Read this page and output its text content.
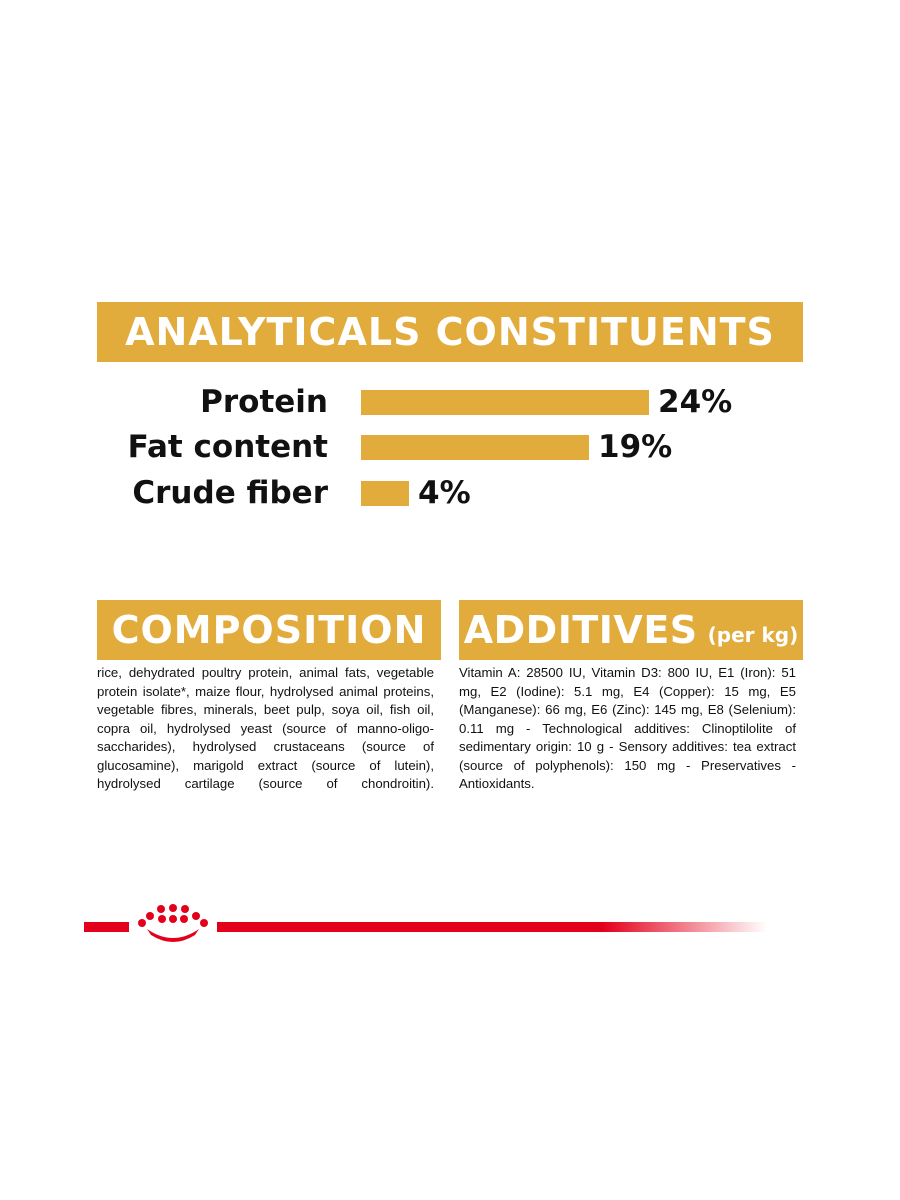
ANALYTICALS CONSTITUENTS
Protein	24%
Fat content	19%
Crude fiber	4%
COMPOSITION ADDITIVES (per kg)
rice, dehydrated poultry protein, animal fats, vegetable protein isolate*, maize flour, hydrolysed animal proteins, vegetable fibres, minerals, beet pulp, soya oil, fish oil, copra oil, hydrolysed yeast (source of manno-oligo-saccharides), hydrolysed crustaceans (source of glucosamine), marigold extract (source of lutein), hydrolysed cartilage (source of chondroitin).
Vitamin A: 28500 IU, Vitamin D3: 800 IU, E1 (Iron): 51 mg, E2 (Iodine): 5.1 mg, E4 (Copper): 15 mg, E5 (Manganese): 66 mg, E6 (Zinc): 145 mg, E8 (Selenium): 0.11 mg - Technological additives: Clinoptilolite of sedimentary origin: 10 g - Sensory additives: tea extract (source of polyphenols): 150 mg - Preservatives - Antioxidants.
